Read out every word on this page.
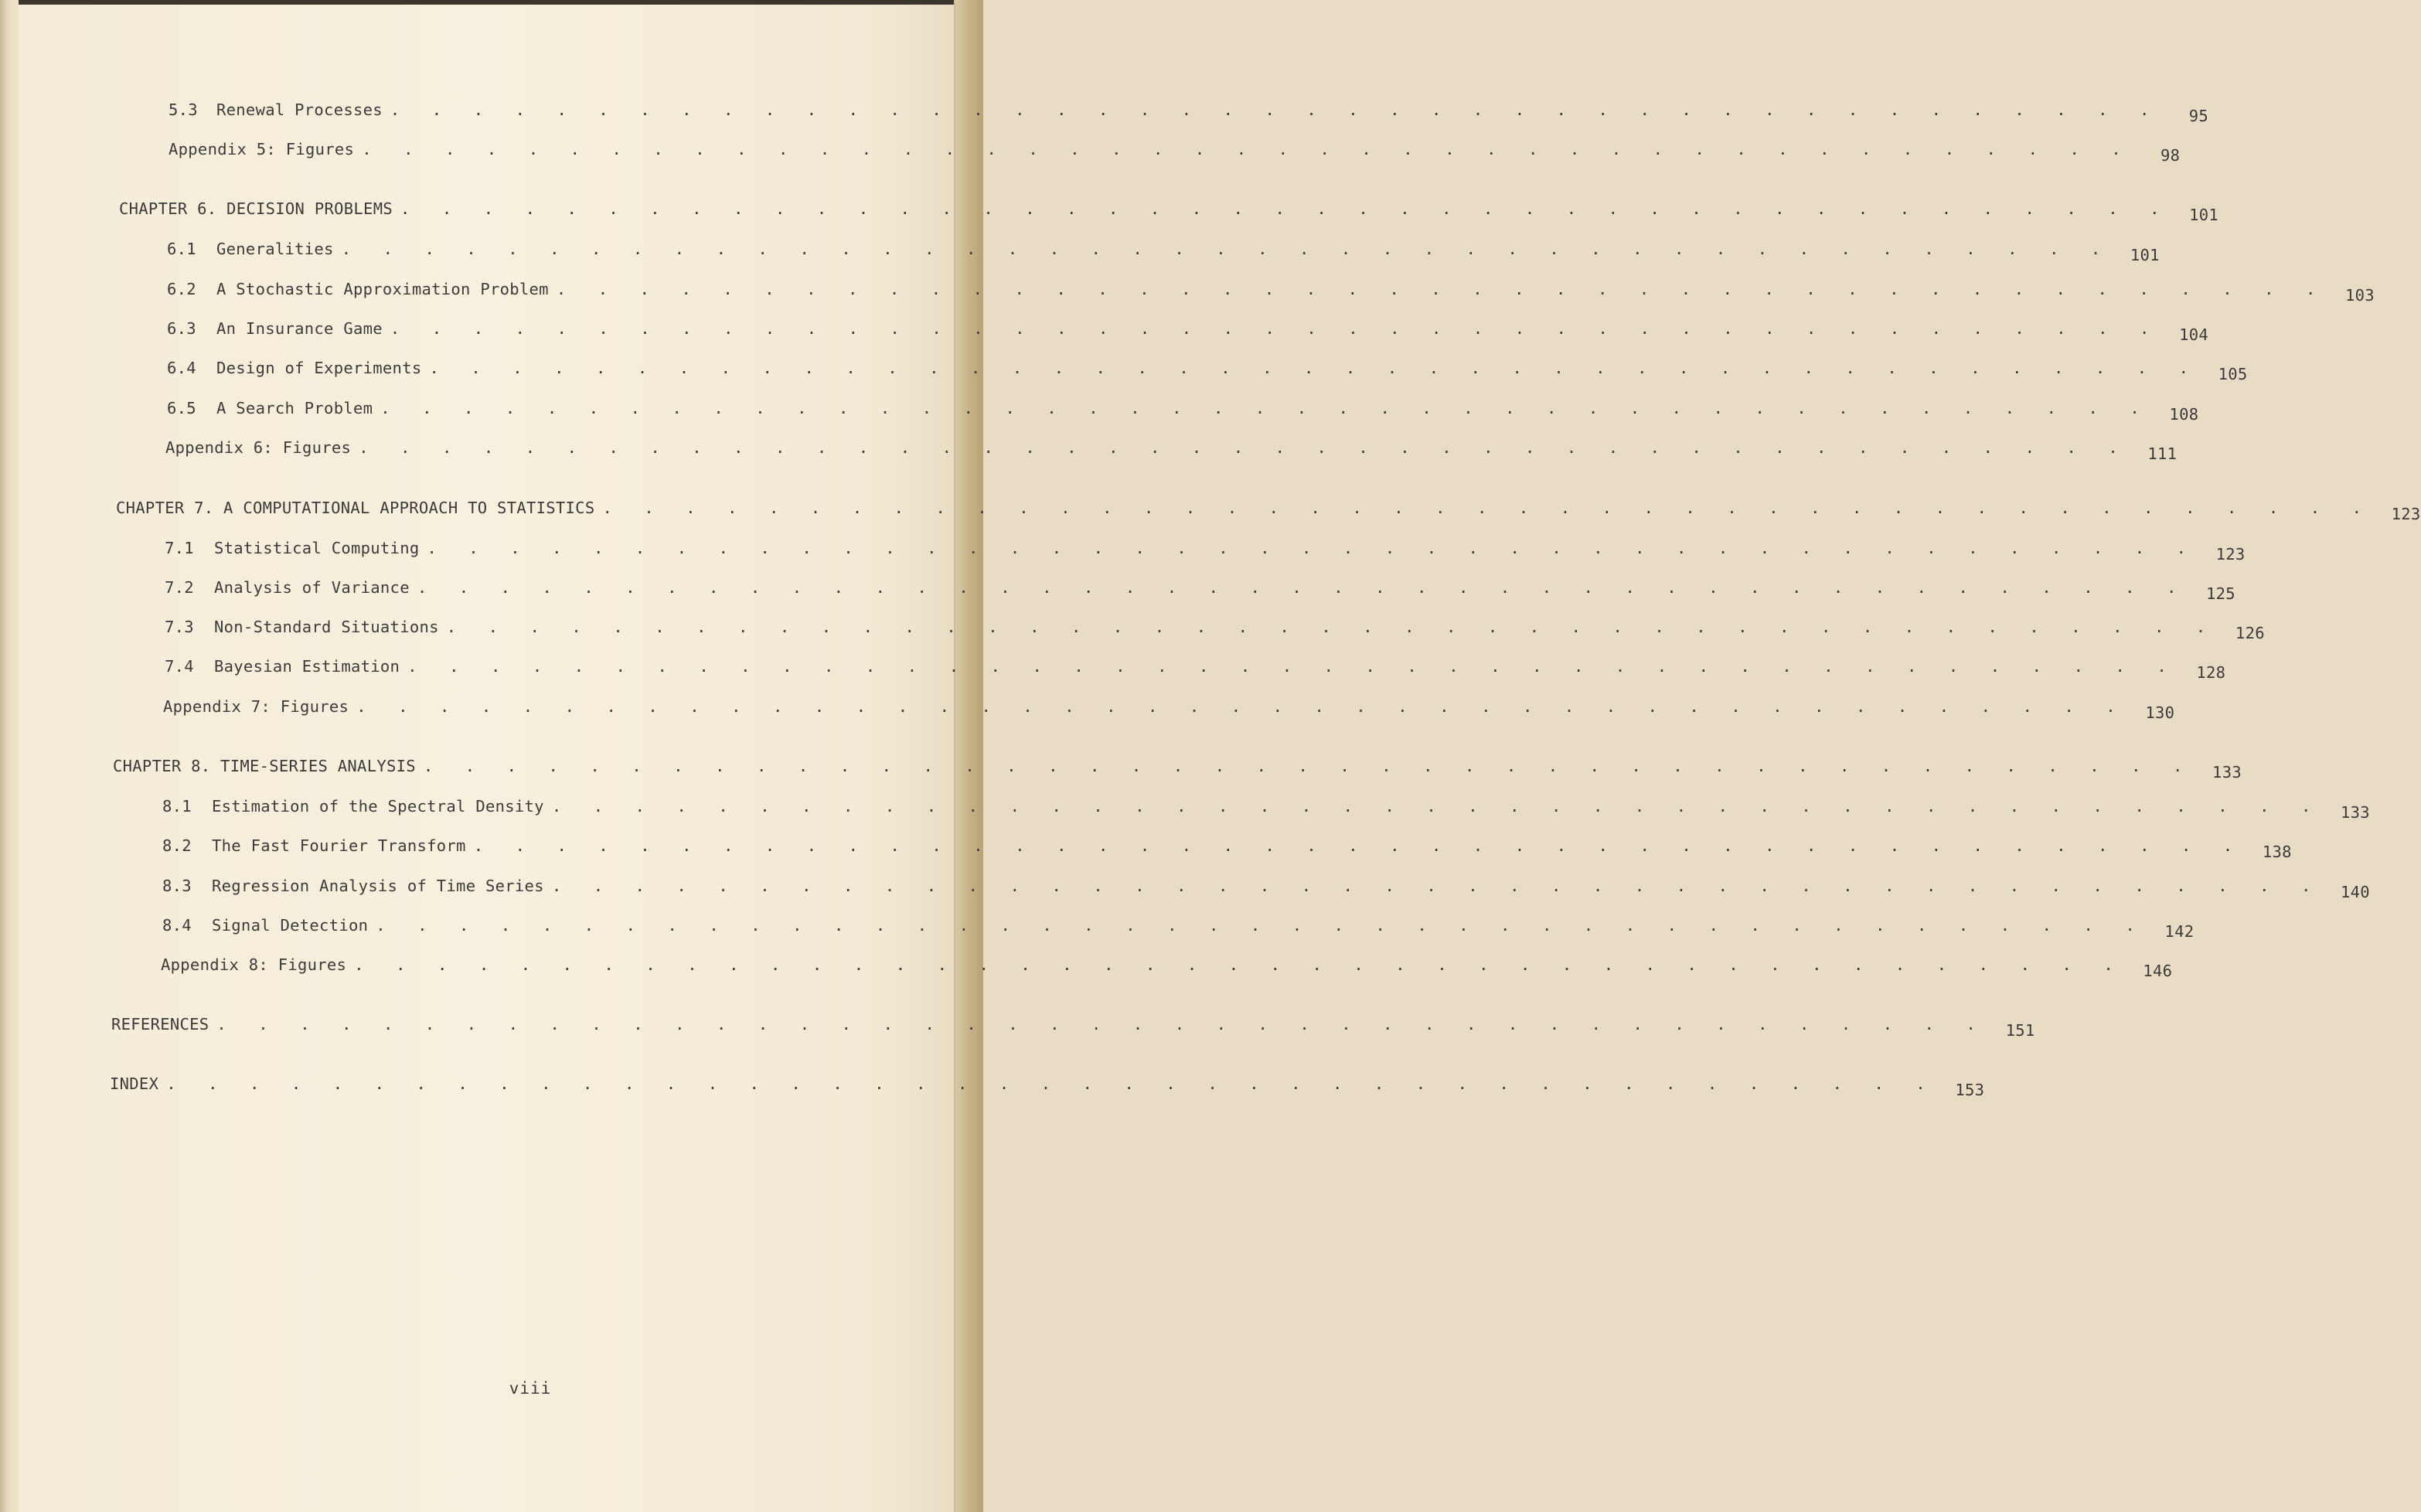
5.3 Renewal Processes . . . . . . . . . . . . . . . . . . . . . . . . . . . . . . . . . . . . . . . . . . .	95
Appendix 5: Figures . . . . . . . . . . . . . . . . . . . . . . . . . . . . . . . . . . . . . . . . . . .	98
CHAPTER 6. DECISION PROBLEMS . . . . . . . . . . . . . . . . . . . . . . . . . . . . . . . . . . . . . . . . . . .	101
6.1 Generalities . . . . . . . . . . . . . . . . . . . . . . . . . . . . . . . . . . . . . . . . . . .	101
6.2 A Stochastic Approximation Problem . . . . . . . . . . . . . . . . . . . . . . . . . . . . . . . . . . . . . . . . . . .	103
6.3 An Insurance Game . . . . . . . . . . . . . . . . . . . . . . . . . . . . . . . . . . . . . . . . . . .	104
6.4 Design of Experiments . . . . . . . . . . . . . . . . . . . . . . . . . . . . . . . . . . . . . . . . . . .	105
6.5 A Search Problem . . . . . . . . . . . . . . . . . . . . . . . . . . . . . . . . . . . . . . . . . . .	108
Appendix 6: Figures . . . . . . . . . . . . . . . . . . . . . . . . . . . . . . . . . . . . . . . . . . .	111
CHAPTER 7. A COMPUTATIONAL APPROACH TO STATISTICS . . . . . . . . . . . . . . . . . . . . . . . . . . . . . . . . . . . . . . . . . . .	123
7.1 Statistical Computing . . . . . . . . . . . . . . . . . . . . . . . . . . . . . . . . . . . . . . . . . . .	123
7.2 Analysis of Variance . . . . . . . . . . . . . . . . . . . . . . . . . . . . . . . . . . . . . . . . . . .	125
7.3 Non-Standard Situations . . . . . . . . . . . . . . . . . . . . . . . . . . . . . . . . . . . . . . . . . . .	126
7.4 Bayesian Estimation . . . . . . . . . . . . . . . . . . . . . . . . . . . . . . . . . . . . . . . . . . .	128
Appendix 7: Figures . . . . . . . . . . . . . . . . . . . . . . . . . . . . . . . . . . . . . . . . . . .	130
CHAPTER 8. TIME-SERIES ANALYSIS . . . . . . . . . . . . . . . . . . . . . . . . . . . . . . . . . . . . . . . . . . .	133
8.1 Estimation of the Spectral Density . . . . . . . . . . . . . . . . . . . . . . . . . . . . . . . . . . . . . . . . . . .	133
8.2 The Fast Fourier Transform . . . . . . . . . . . . . . . . . . . . . . . . . . . . . . . . . . . . . . . . . . .	138
8.3 Regression Analysis of Time Series . . . . . . . . . . . . . . . . . . . . . . . . . . . . . . . . . . . . . . . . . . .	140
8.4 Signal Detection . . . . . . . . . . . . . . . . . . . . . . . . . . . . . . . . . . . . . . . . . . .	142
Appendix 8: Figures . . . . . . . . . . . . . . . . . . . . . . . . . . . . . . . . . . . . . . . . . . .	146
REFERENCES . . . . . . . . . . . . . . . . . . . . . . . . . . . . . . . . . . . . . . . . . . .	151
INDEX . . . . . . . . . . . . . . . . . . . . . . . . . . . . . . . . . . . . . . . . . . .	153
viii
